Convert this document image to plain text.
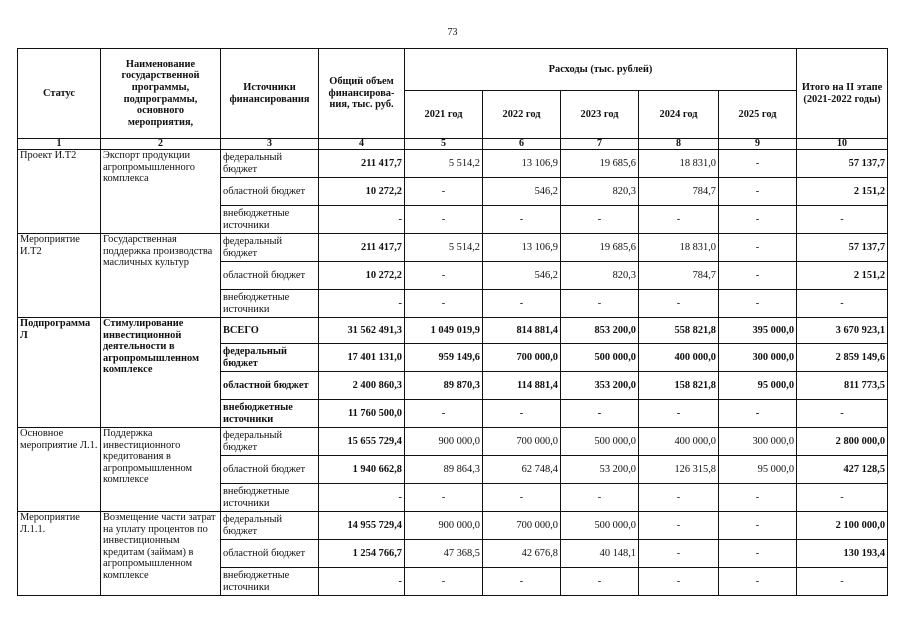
73
Статус	Наименование государственной программы, подпрограммы, основного мероприятия,	Источники финансирования	Общий объем финансирова-ния, тыс. руб.	Расходы (тыс. рублей)					Итого на II этапе (2021-2022 годы)
				2021 год	2022 год	2023 год	2024 год	2025 год	
1	2	3	4	5	6	7	8	9	10
Проект И.Т2	Экспорт продукции агропромышленного комплекса	федеральный бюджет	211 417,7	5 514,2	13 106,9	19 685,6	18 831,0	-	57 137,7
		областной бюджет	10 272,2	-	546,2	820,3	784,7	-	2 151,2
		внебюджетные источники	-	-	-	-	-	-	-
Мероприятие И.Т2	Государственная поддержка производства масличных культур	федеральный бюджет	211 417,7	5 514,2	13 106,9	19 685,6	18 831,0	-	57 137,7
		областной бюджет	10 272,2	-	546,2	820,3	784,7	-	2 151,2
		внебюджетные источники	-	-	-	-	-	-	-
Подпрограмма Л	Стимулирование инвестиционной деятельности в агропромышленном комплексе	ВСЕГО	31 562 491,3	1 049 019,9	814 881,4	853 200,0	558 821,8	395 000,0	3 670 923,1
		федеральный бюджет	17 401 131,0	959 149,6	700 000,0	500 000,0	400 000,0	300 000,0	2 859 149,6
		областной бюджет	2 400 860,3	89 870,3	114 881,4	353 200,0	158 821,8	95 000,0	811 773,5
		внебюджетные источники	11 760 500,0	-	-	-	-	-	-
Основное мероприятие Л.1.	Поддержка инвестиционного кредитования в агропромышленном комплексе	федеральный бюджет	15 655 729,4	900 000,0	700 000,0	500 000,0	400 000,0	300 000,0	2 800 000,0
		областной бюджет	1 940 662,8	89 864,3	62 748,4	53 200,0	126 315,8	95 000,0	427 128,5
		внебюджетные источники	-	-	-	-	-	-	-
Мероприятие Л.1.1.	Возмещение части затрат на уплату процентов по инвестиционным кредитам (займам) в агропромышленном комплексе	федеральный бюджет	14 955 729,4	900 000,0	700 000,0	500 000,0	-	-	2 100 000,0
		областной бюджет	1 254 766,7	47 368,5	42 676,8	40 148,1	-	-	130 193,4
		внебюджетные источники	-	-	-	-	-	-	-
